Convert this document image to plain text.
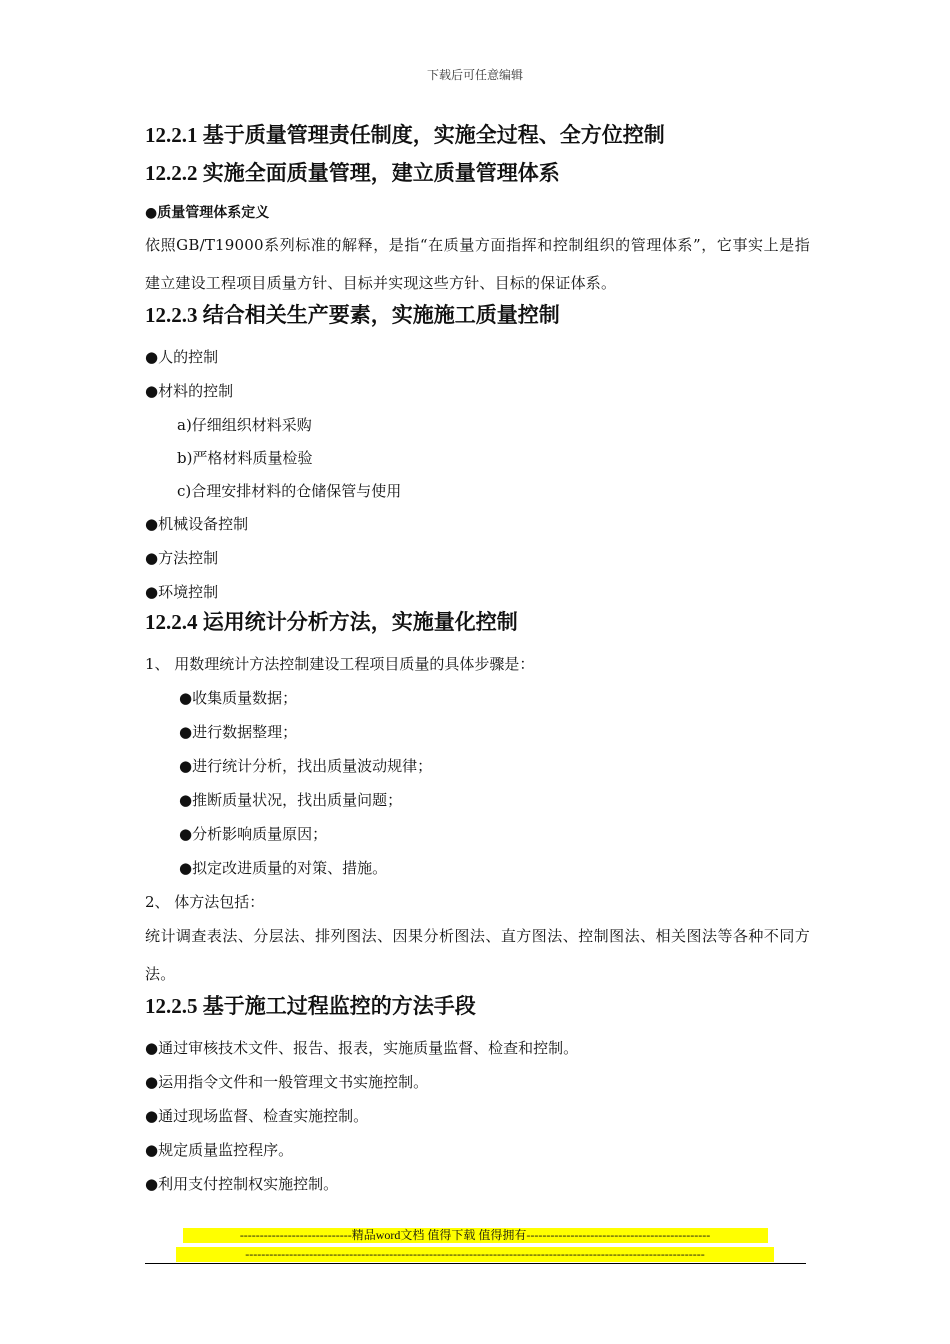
下载后可任意编辑
12.2.1 基于质量管理责任制度，实施全过程、全方位控制
12.2.2 实施全面质量管理，建立质量管理体系
●质量管理体系定义
依照GB/T19000系列标准的解释，是指“在质量方面指挥和控制组织的管理体系”，它事实上是指建立建设工程项目质量方针、目标并实现这些方针、目标的保证体系。
12.2.3 结合相关生产要素，实施施工质量控制
●人的控制
●材料的控制
a)仔细组织材料采购
b)严格材料质量检验
c)合理安排材料的仓储保管与使用
●机械设备控制
●方法控制
●环境控制
12.2.4 运用统计分析方法，实施量化控制
1、 用数理统计方法控制建设工程项目质量的具体步骤是：
●收集质量数据；
●进行数据整理；
●进行统计分析，找出质量波动规律；
●推断质量状况，找出质量问题；
●分析影响质量原因；
●拟定改进质量的对策、措施。
2、 体方法包括：
统计调查表法、分层法、排列图法、因果分析图法、直方图法、控制图法、相关图法等各种不同方法。
12.2.5 基于施工过程监控的方法手段
●通过审核技术文件、报告、报表，实施质量监督、检查和控制。
●运用指令文件和一般管理文书实施控制。
●通过现场监督、检查实施控制。
●规定质量监控程序。
●利用支付控制权实施控制。
----------------------------精品word文档 值得下载 值得拥有----------------------------------------------
-------------------------------------------------------------------------------------------------------------------
